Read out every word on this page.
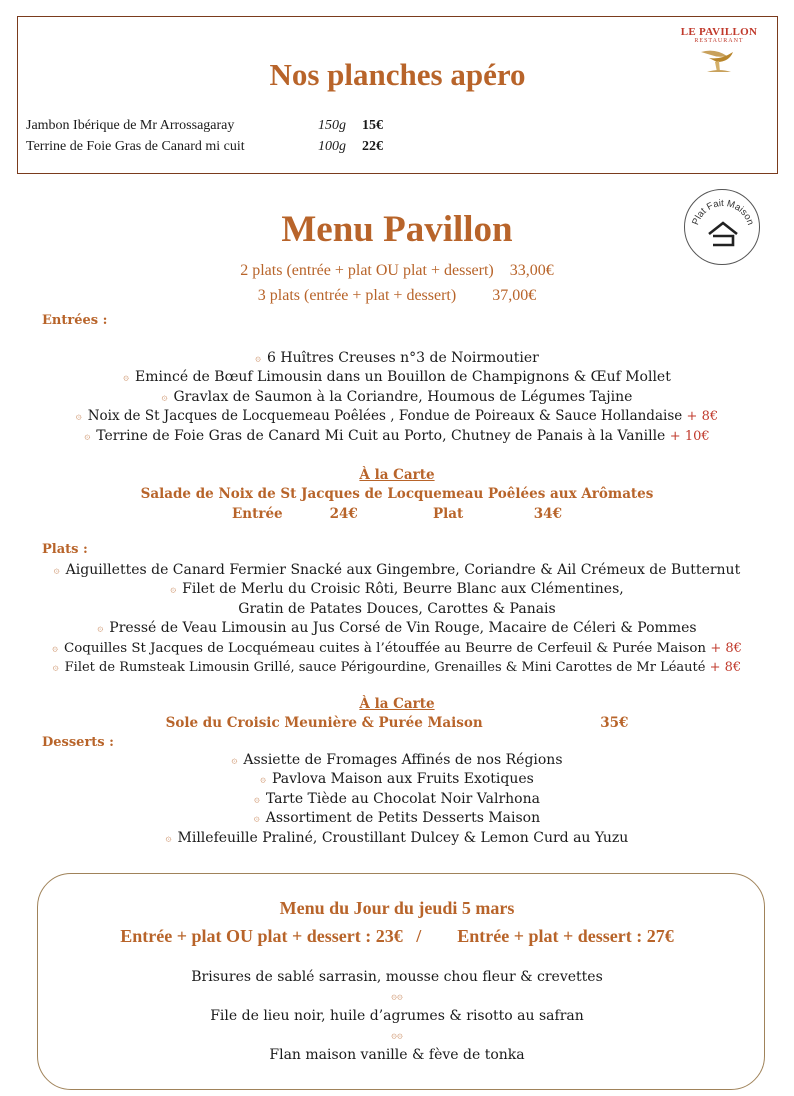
LE PAVILLON
RESTAURANT
Nos planches apéro
Jambon Ibérique de Mr Arrossagaray	150g	15€
Terrine de Foie Gras de Canard mi cuit	100g	22€
Plat Fait Maison
Menu Pavillon
2 plats (entrée + plat OU plat + dessert)    33,00€
3 plats (entrée + plat + dessert)         37,00€
Entrées :
۞ 6 Huîtres Creuses n°3 de Noirmoutier
۞ Emincé de Bœuf Limousin dans un Bouillon de Champignons & Œuf Mollet
۞ Gravlax de Saumon à la Coriandre, Houmous de Légumes Tajine
۞ Noix de St Jacques de Locquemeau Poêlées , Fondue de Poireaux & Sauce Hollandaise + 8€
۞ Terrine de Foie Gras de Canard Mi Cuit au Porto, Chutney de Panais à la Vanille + 10€
À la Carte
Salade de Noix de St Jacques de Locquemeau Poêlées aux Arômates
Entrée          24€                Plat               34€
Plats :
۞ Aiguillettes de Canard Fermier Snacké aux Gingembre, Coriandre & Ail Crémeux de Butternut
۞ Filet de Merlu du Croisic Rôti, Beurre Blanc aux Clémentines,
Gratin de Patates Douces, Carottes & Panais
۞ Pressé de Veau Limousin au Jus Corsé de Vin Rouge, Macaire de Céleri & Pommes
۞ Coquilles St Jacques de Locquémeau cuites à l’étouffée au Beurre de Cerfeuil & Purée Maison + 8€
۞ Filet de Rumsteak Limousin Grillé, sauce Périgourdine, Grenailles & Mini Carottes de Mr Léauté + 8€
À la Carte
Sole du Croisic Meunière & Purée Maison                         35€
Desserts :
۞ Assiette de Fromages Affinés de nos Régions
۞ Pavlova Maison aux Fruits Exotiques
۞ Tarte Tiède au Chocolat Noir Valrhona
۞ Assortiment de Petits Desserts Maison
۞ Millefeuille Praliné, Croustillant Dulcey & Lemon Curd au Yuzu
Menu du Jour du jeudi 5 mars
Entrée + plat OU plat + dessert : 23€   /        Entrée + plat + dessert : 27€
Brisures de sablé sarrasin, mousse chou fleur & crevettes
۞۞
File de lieu noir, huile d’agrumes & risotto au safran
۞۞
Flan maison vanille & fève de tonka
